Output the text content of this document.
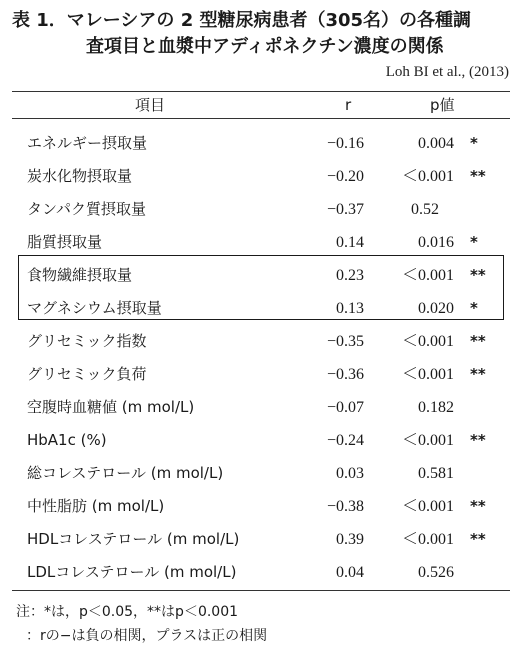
表 1．マレーシアの 2 型糖尿病患者（305名）の各種調
査項目と血漿中アディポネクチン濃度の関係
Loh BI et al., (2013)
項目	r	p値
エネルギー摂取量	−0.16	0.004 *
炭水化物摂取量	−0.20 ＜0.001 **
タンパク質摂取量	−0.37	0.52
脂質摂取量	0.14	0.016 *
食物繊維摂取量	0.23 ＜0.001 **
マグネシウム摂取量	0.13	0.020 *
グリセミック指数	−0.35 ＜0.001 **
グリセミック負荷	−0.36 ＜0.001 **
空腹時血糖値 (m mol/L)	−0.07	0.182
HbA1c (%)	−0.24 ＜0.001 **
総コレステロール (m mol/L)	0.03	0.581
中性脂肪 (m mol/L)	−0.38 ＜0.001 **
HDLコレステロール (m mol/L)	0.39 ＜0.001 **
LDLコレステロール (m mol/L)	0.04	0.526
注：*は，p＜0.05，**はp＜0.001
：rの−は負の相関，プラスは正の相関
